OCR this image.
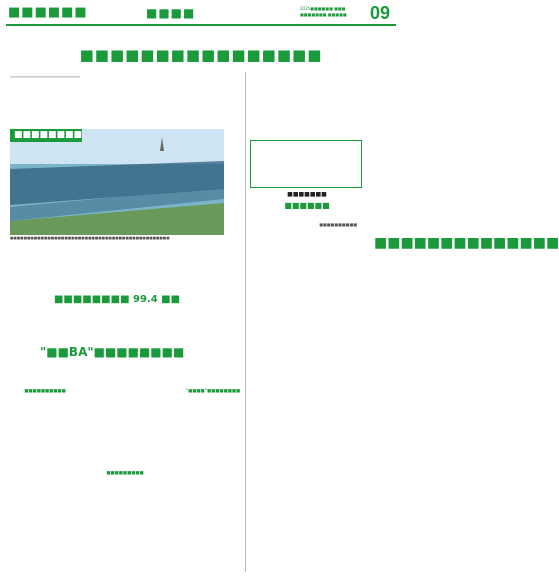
■■■■■■	■■■■	2025■■■■■■ ■■■
■■■■■■■ ■■■■■	09
■■■■■■■■■■■■■■■■
■■■■■■■■
■■■■■■■■■■■■■■■■■■■■■■■■■■■■■■■■■■■■■■■■■■■■■■■
■■■■■■■■ 99.4 ■■
■■■■■■■
■■■■■■
■■■■■■■■■■
■■■■■■■■■■■■■■
"■■BA"■■■■■■■■
■■■■■■■■■■
■■■■■■■■■
"■■■■"■■■■■■■■
